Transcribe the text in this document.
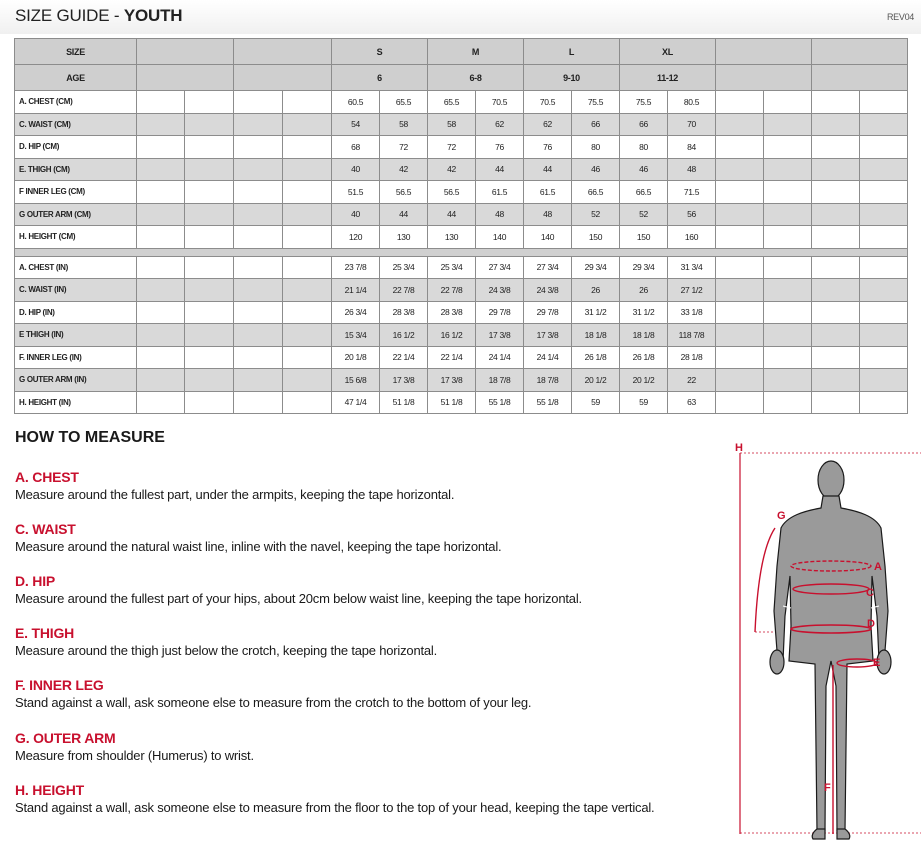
SIZE GUIDE - YOUTH	REV04
SIZE					S		M		L		XL					
AGE					6		6-8		9-10		11-12					
A. CHEST (CM)					60.5	65.5	65.5	70.5	70.5	75.5	75.5	80.5				
C. WAIST (CM)					54	58	58	62	62	66	66	70				
D. HIP (CM)					68	72	72	76	76	80	80	84				
E. THIGH (CM)					40	42	42	44	44	46	46	48				
F INNER LEG (CM)					51.5	56.5	56.5	61.5	61.5	66.5	66.5	71.5				
G OUTER ARM (CM)					40	44	44	48	48	52	52	56				
H. HEIGHT (CM)					120	130	130	140	140	150	150	160				

A. CHEST (IN)					23 7/8	25 3/4	25 3/4	27 3/4	27 3/4	29 3/4	29 3/4	31 3/4				
C. WAIST (IN)					21 1/4	22 7/8	22 7/8	24 3/8	24 3/8	26	26	27 1/2				
D. HIP (IN)					26 3/4	28 3/8	28 3/8	29 7/8	29 7/8	31 1/2	31 1/2	33 1/8				
E THIGH (IN)					15 3/4	16 1/2	16 1/2	17 3/8	17 3/8	18 1/8	18 1/8	118 7/8				
F. INNER LEG (IN)					20 1/8	22 1/4	22 1/4	24 1/4	24 1/4	26 1/8	26 1/8	28 1/8				
G OUTER ARM (IN)					15 6/8	17 3/8	17 3/8	18 7/8	18 7/8	20 1/2	20 1/2	22				
H. HEIGHT (IN)					47 1/4	51 1/8	51 1/8	55 1/8	55 1/8	59	59	63				
HOW TO MEASURE
A. CHEST
Measure around the fullest part, under the armpits, keeping the tape horizontal.
C. WAIST
Measure around the natural waist line, inline with the navel, keeping the tape horizontal.
D. HIP
Measure around the fullest part of your hips, about 20cm below waist line, keeping the tape horizontal.
E. THIGH
Measure around the thigh just below the crotch, keeping the tape horizontal.
F. INNER LEG
Stand against a wall, ask someone else to measure from the crotch to the bottom of your leg.
G. OUTER ARM
Measure from shoulder (Humerus) to wrist.
H. HEIGHT
Stand against a wall, ask someone else to measure from the floor to the top of your head, keeping the tape vertical.
H
G
A
C
D
E
F
